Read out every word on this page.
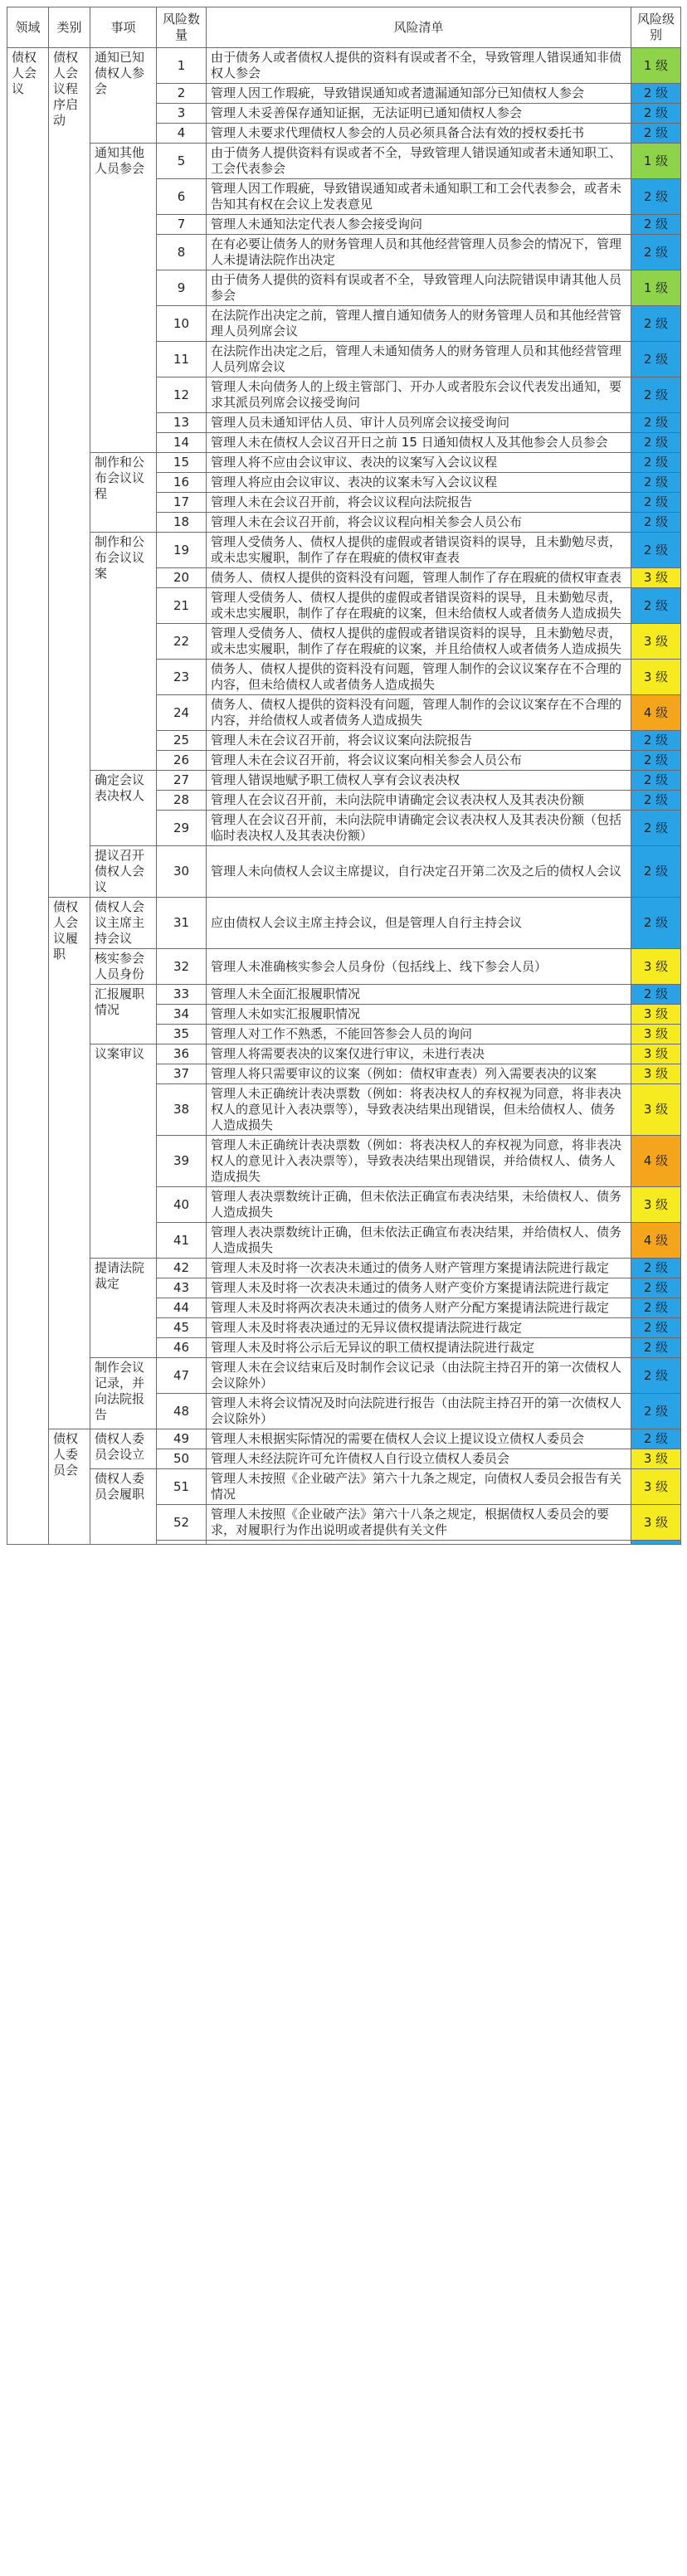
领域	类别	事项	风险数量	风险清单	风险级别
债权人会议	债权人会议程序启动	通知已知债权人参会	1	由于债务人或者债权人提供的资料有误或者不全，导致管理人错误通知非债权人参会	1 级
			2	管理人因工作瑕疵，导致错误通知或者遗漏通知部分已知债权人参会	2 级
			3	管理人未妥善保存通知证据，无法证明已通知债权人参会	2 级
			4	管理人未要求代理债权人参会的人员必须具备合法有效的授权委托书	2 级
		通知其他人员参会	5	由于债务人提供资料有误或者不全，导致管理人错误通知或者未通知职工、工会代表参会	1 级
			6	管理人因工作瑕疵，导致错误通知或者未通知职工和工会代表参会，或者未告知其有权在会议上发表意见	2 级
			7	管理人未通知法定代表人参会接受询问	2 级
			8	在有必要让债务人的财务管理人员和其他经营管理人员参会的情况下，管理人未提请法院作出决定	2 级
			9	由于债务人提供的资料有误或者不全，导致管理人向法院错误申请其他人员参会	1 级
			10	在法院作出决定之前，管理人擅自通知债务人的财务管理人员和其他经营管理人员列席会议	2 级
			11	在法院作出决定之后，管理人未通知债务人的财务管理人员和其他经营管理人员列席会议	2 级
			12	管理人未向债务人的上级主管部门、开办人或者股东会议代表发出通知，要求其派员列席会议接受询问	2 级
			13	管理人员未通知评估人员、审计人员列席会议接受询问	2 级
			14	管理人未在债权人会议召开日之前 15 日通知债权人及其他参会人员参会	2 级
		制作和公布会议议程	15	管理人将不应由会议审议、表决的议案写入会议议程	2 级
			16	管理人将应由会议审议、表决的议案未写入会议议程	2 级
			17	管理人未在会议召开前，将会议议程向法院报告	2 级
			18	管理人未在会议召开前，将会议议程向相关参会人员公布	2 级
		制作和公布会议议案	19	管理人受债务人、债权人提供的虚假或者错误资料的误导，且未勤勉尽责，或未忠实履职，制作了存在瑕疵的债权审查表	2 级
			20	债务人、债权人提供的资料没有问题，管理人制作了存在瑕疵的债权审查表	3 级
			21	管理人受债务人、债权人提供的虚假或者错误资料的误导，且未勤勉尽责，或未忠实履职，制作了存在瑕疵的议案，但未给债权人或者债务人造成损失	2 级
			22	管理人受债务人、债权人提供的虚假或者错误资料的误导，且未勤勉尽责，或未忠实履职，制作了存在瑕疵的议案，并且给债权人或者债务人造成损失	3 级
			23	债务人、债权人提供的资料没有问题，管理人制作的会议议案存在不合理的内容，但未给债权人或者债务人造成损失	3 级
			24	债务人、债权人提供的资料没有问题，管理人制作的会议议案存在不合理的内容，并给债权人或者债务人造成损失	4 级
			25	管理人未在会议召开前，将会议议案向法院报告	2 级
			26	管理人未在会议召开前，将会议议案向相关参会人员公布	2 级
		确定会议表决权人	27	管理人错误地赋予职工债权人享有会议表决权	2 级
			28	管理人在会议召开前，未向法院申请确定会议表决权人及其表决份额	2 级
			29	管理人在会议召开前，未向法院申请确定会议表决权人及其表决份额（包括临时表决权人及其表决份额）	2 级
		提议召开债权人会议	30	管理人未向债权人会议主席提议，自行决定召开第二次及之后的债权人会议	2 级
	债权人会议履职	债权人会议主席主持会议	31	应由债权人会议主席主持会议，但是管理人自行主持会议	2 级
		核实参会人员身份	32	管理人未准确核实参会人员身份（包括线上、线下参会人员）	3 级
		汇报履职情况	33	管理人未全面汇报履职情况	2 级
			34	管理人未如实汇报履职情况	3 级
			35	管理人对工作不熟悉，不能回答参会人员的询问	3 级
		议案审议	36	管理人将需要表决的议案仅进行审议，未进行表决	3 级
			37	管理人将只需要审议的议案（例如：债权审查表）列入需要表决的议案	3 级
			38	管理人未正确统计表决票数（例如：将表决权人的弃权视为同意，将非表决权人的意见计入表决票等），导致表决结果出现错误，但未给债权人、债务人造成损失	3 级
			39	管理人未正确统计表决票数（例如：将表决权人的弃权视为同意，将非表决权人的意见计入表决票等），导致表决结果出现错误，并给债权人、债务人造成损失	4 级
			40	管理人表决票数统计正确，但未依法正确宣布表决结果，未给债权人、债务人造成损失	3 级
			41	管理人表决票数统计正确，但未依法正确宣布表决结果，并给债权人、债务人造成损失	4 级
		提请法院裁定	42	管理人未及时将一次表决未通过的债务人财产管理方案提请法院进行裁定	2 级
			43	管理人未及时将一次表决未通过的债务人财产变价方案提请法院进行裁定	2 级
			44	管理人未及时将两次表决未通过的债务人财产分配方案提请法院进行裁定	2 级
			45	管理人未及时将表决通过的无异议债权提请法院进行裁定	2 级
			46	管理人未及时将公示后无异议的职工债权提请法院进行裁定	2 级
		制作会议记录，并向法院报告	47	管理人未在会议结束后及时制作会议记录（由法院主持召开的第一次债权人会议除外）	2 级
			48	管理人未将会议情况及时向法院进行报告（由法院主持召开的第一次债权人会议除外）	2 级
	债权人委员会	债权人委员会设立	49	管理人未根据实际情况的需要在债权人会议上提议设立债权人委员会	2 级
			50	管理人未经法院许可允许债权人自行设立债权人委员会	3 级
		债权人委员会履职	51	管理人未按照《企业破产法》第六十九条之规定，向债权人委员会报告有关情况	3 级
			52	管理人未按照《企业破产法》第六十八条之规定，根据债权人委员会的要求，对履职行为作出说明或者提供有关文件	3 级
